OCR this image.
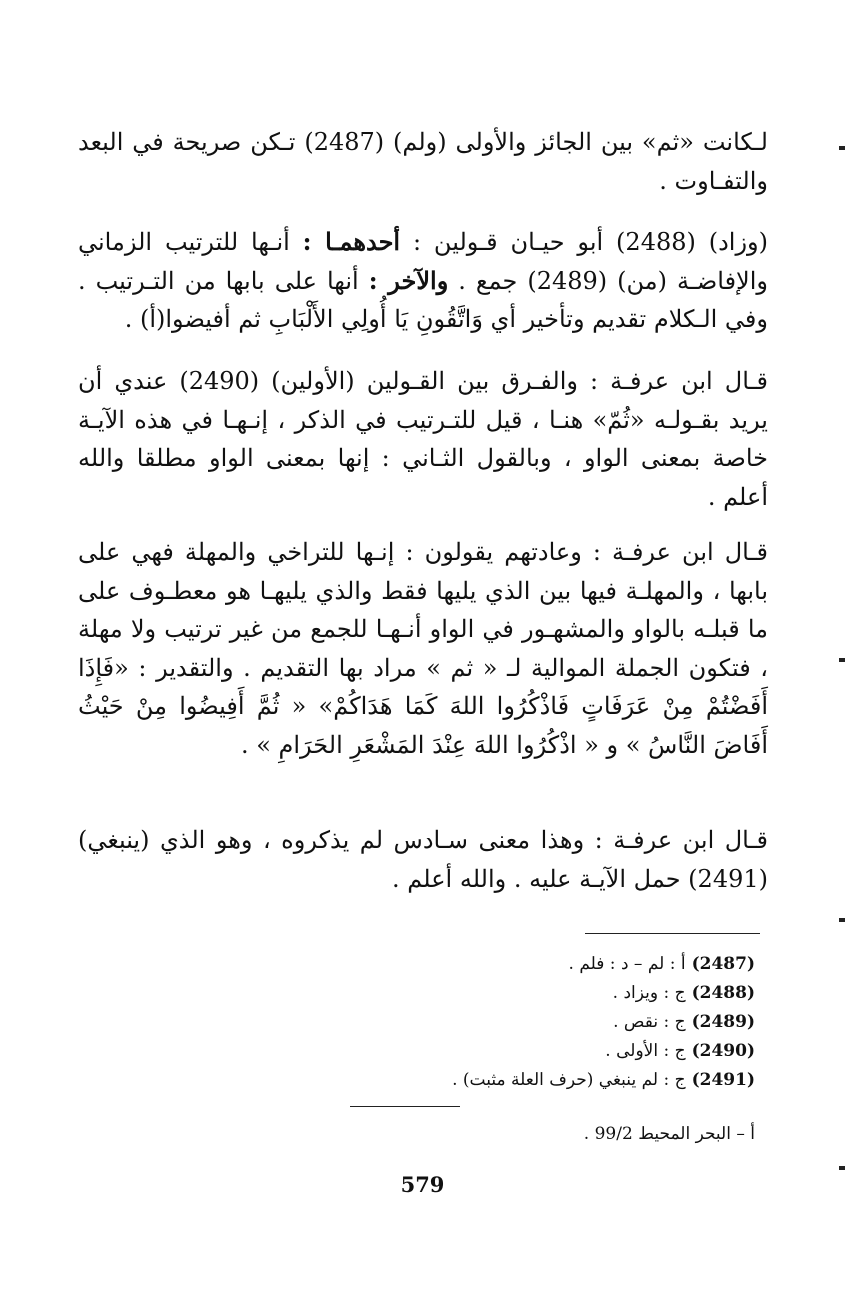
لـكانت «ثم» بين الجائز والأولى (ولم) (2487) تـكن صريحة في البعد والتفـاوت .

(وزاد) (2488) أبو حيـان قـولين : أحدهمـا : أنـها للترتيب الزماني والإفاضـة (من) (2489) جمع . والآخر : أنها على بابها من التـرتيب . وفي الـكلام تقديم وتأخير أي وَاتَّقُونِ يَا أُولِي الأَلْبَابِ ثم أفيضوا(أ) .

قـال ابن عرفـة : والفـرق بين القـولين (الأولين) (2490) عندي أن يريد بقـولـه «ثُمّ» هنـا ، قيل للتـرتيب في الذكر ، إنـهـا في هذه الآيـة خاصة بمعنى الواو ، وبالقول الثـاني : إنها بمعنى الواو مطلقا والله أعلم .

قـال ابن عرفـة : وعادتهم يقولون : إنـها للتراخي والمهلة فهي على بابها ، والمهلـة فيها بين الذي يليها فقط والذي يليهـا هو معطـوف على ما قبلـه بالواو والمشهـور في الواو أنـهـا للجمع من غير ترتيب ولا مهلة ، فتكون الجملة الموالية لـ « ثم » مراد بها التقديم . والتقدير : «فَإِذَا أَفَضْتُمْ مِنْ عَرَفَاتٍ فَاذْكُرُوا اللهَ كَمَا هَدَاكُمْ» « ثُمَّ أَفِيضُوا مِنْ حَيْثُ أَفَاضَ النَّاسُ » و « اذْكُرُوا اللهَ عِنْدَ المَشْعَرِ الحَرَامِ » .

قـال ابن عرفـة : وهذا معنى سـادس لم يذكروه ، وهو الذي (ينبغي) (2491) حمل الآيـة عليه . والله أعلم .

(2487)أ : لم – د : فلم .
(2488)ج : ويزاد .
(2489)ج : نقص .
(2490)ج : الأولى .
(2491)ج : لم ينبغي (حرف العلة مثبت) .
أ – البحر المحيط 99/2 .
579
